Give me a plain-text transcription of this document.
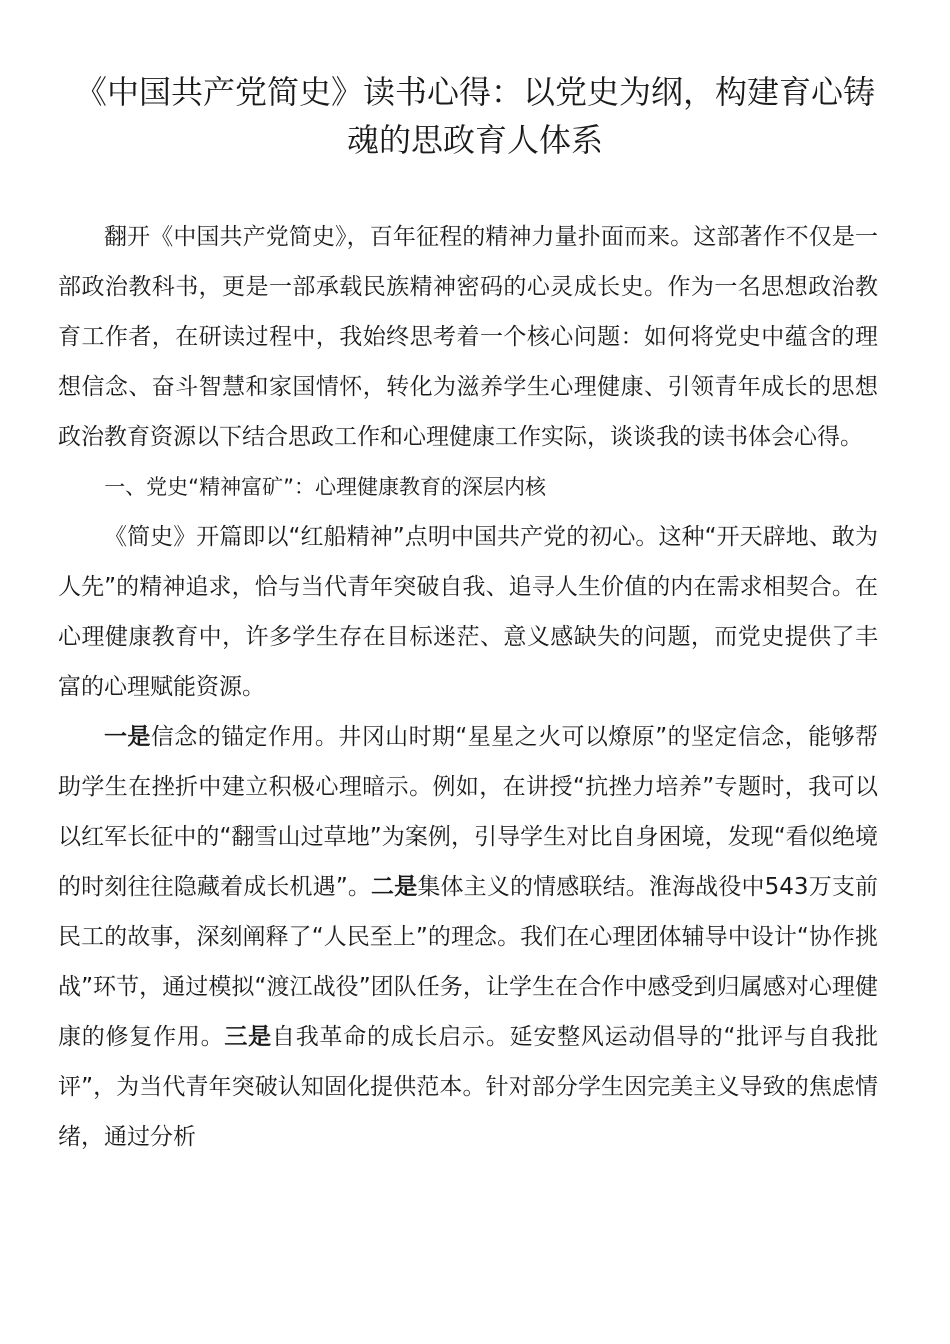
《中国共产党简史》读书心得：以党史为纲，构建育心铸魂的思政育人体系

翻开《中国共产党简史》，百年征程的精神力量扑面而来。这部著作不仅是一部政治教科书，更是一部承载民族精神密码的心灵成长史。作为一名思想政治教育工作者，在研读过程中，我始终思考着一个核心问题：如何将党史中蕴含的理想信念、奋斗智慧和家国情怀，转化为滋养学生心理健康、引领青年成长的思想政治教育资源以下结合思政工作和心理健康工作实际，谈谈我的读书体会心得。

一、党史“精神富矿”：心理健康教育的深层内核

《简史》开篇即以“红船精神”点明中国共产党的初心。这种“开天辟地、敢为人先”的精神追求，恰与当代青年突破自我、追寻人生价值的内在需求相契合。在心理健康教育中，许多学生存在目标迷茫、意义感缺失的问题，而党史提供了丰富的心理赋能资源。

一是信念的锚定作用。井冈山时期“星星之火可以燎原”的坚定信念，能够帮助学生在挫折中建立积极心理暗示。例如，在讲授“抗挫力培养”专题时，我可以以红军长征中的“翻雪山过草地”为案例，引导学生对比自身困境，发现“看似绝境的时刻往往隐藏着成长机遇”。二是集体主义的情感联结。淮海战役中543万支前民工的故事，深刻阐释了“人民至上”的理念。我们在心理团体辅导中设计“协作挑战”环节，通过模拟“渡江战役”团队任务，让学生在合作中感受到归属感对心理健康的修复作用。三是自我革命的成长启示。延安整风运动倡导的“批评与自我批评”，为当代青年突破认知固化提供范本。针对部分学生因完美主义导致的焦虑情绪，通过分析
